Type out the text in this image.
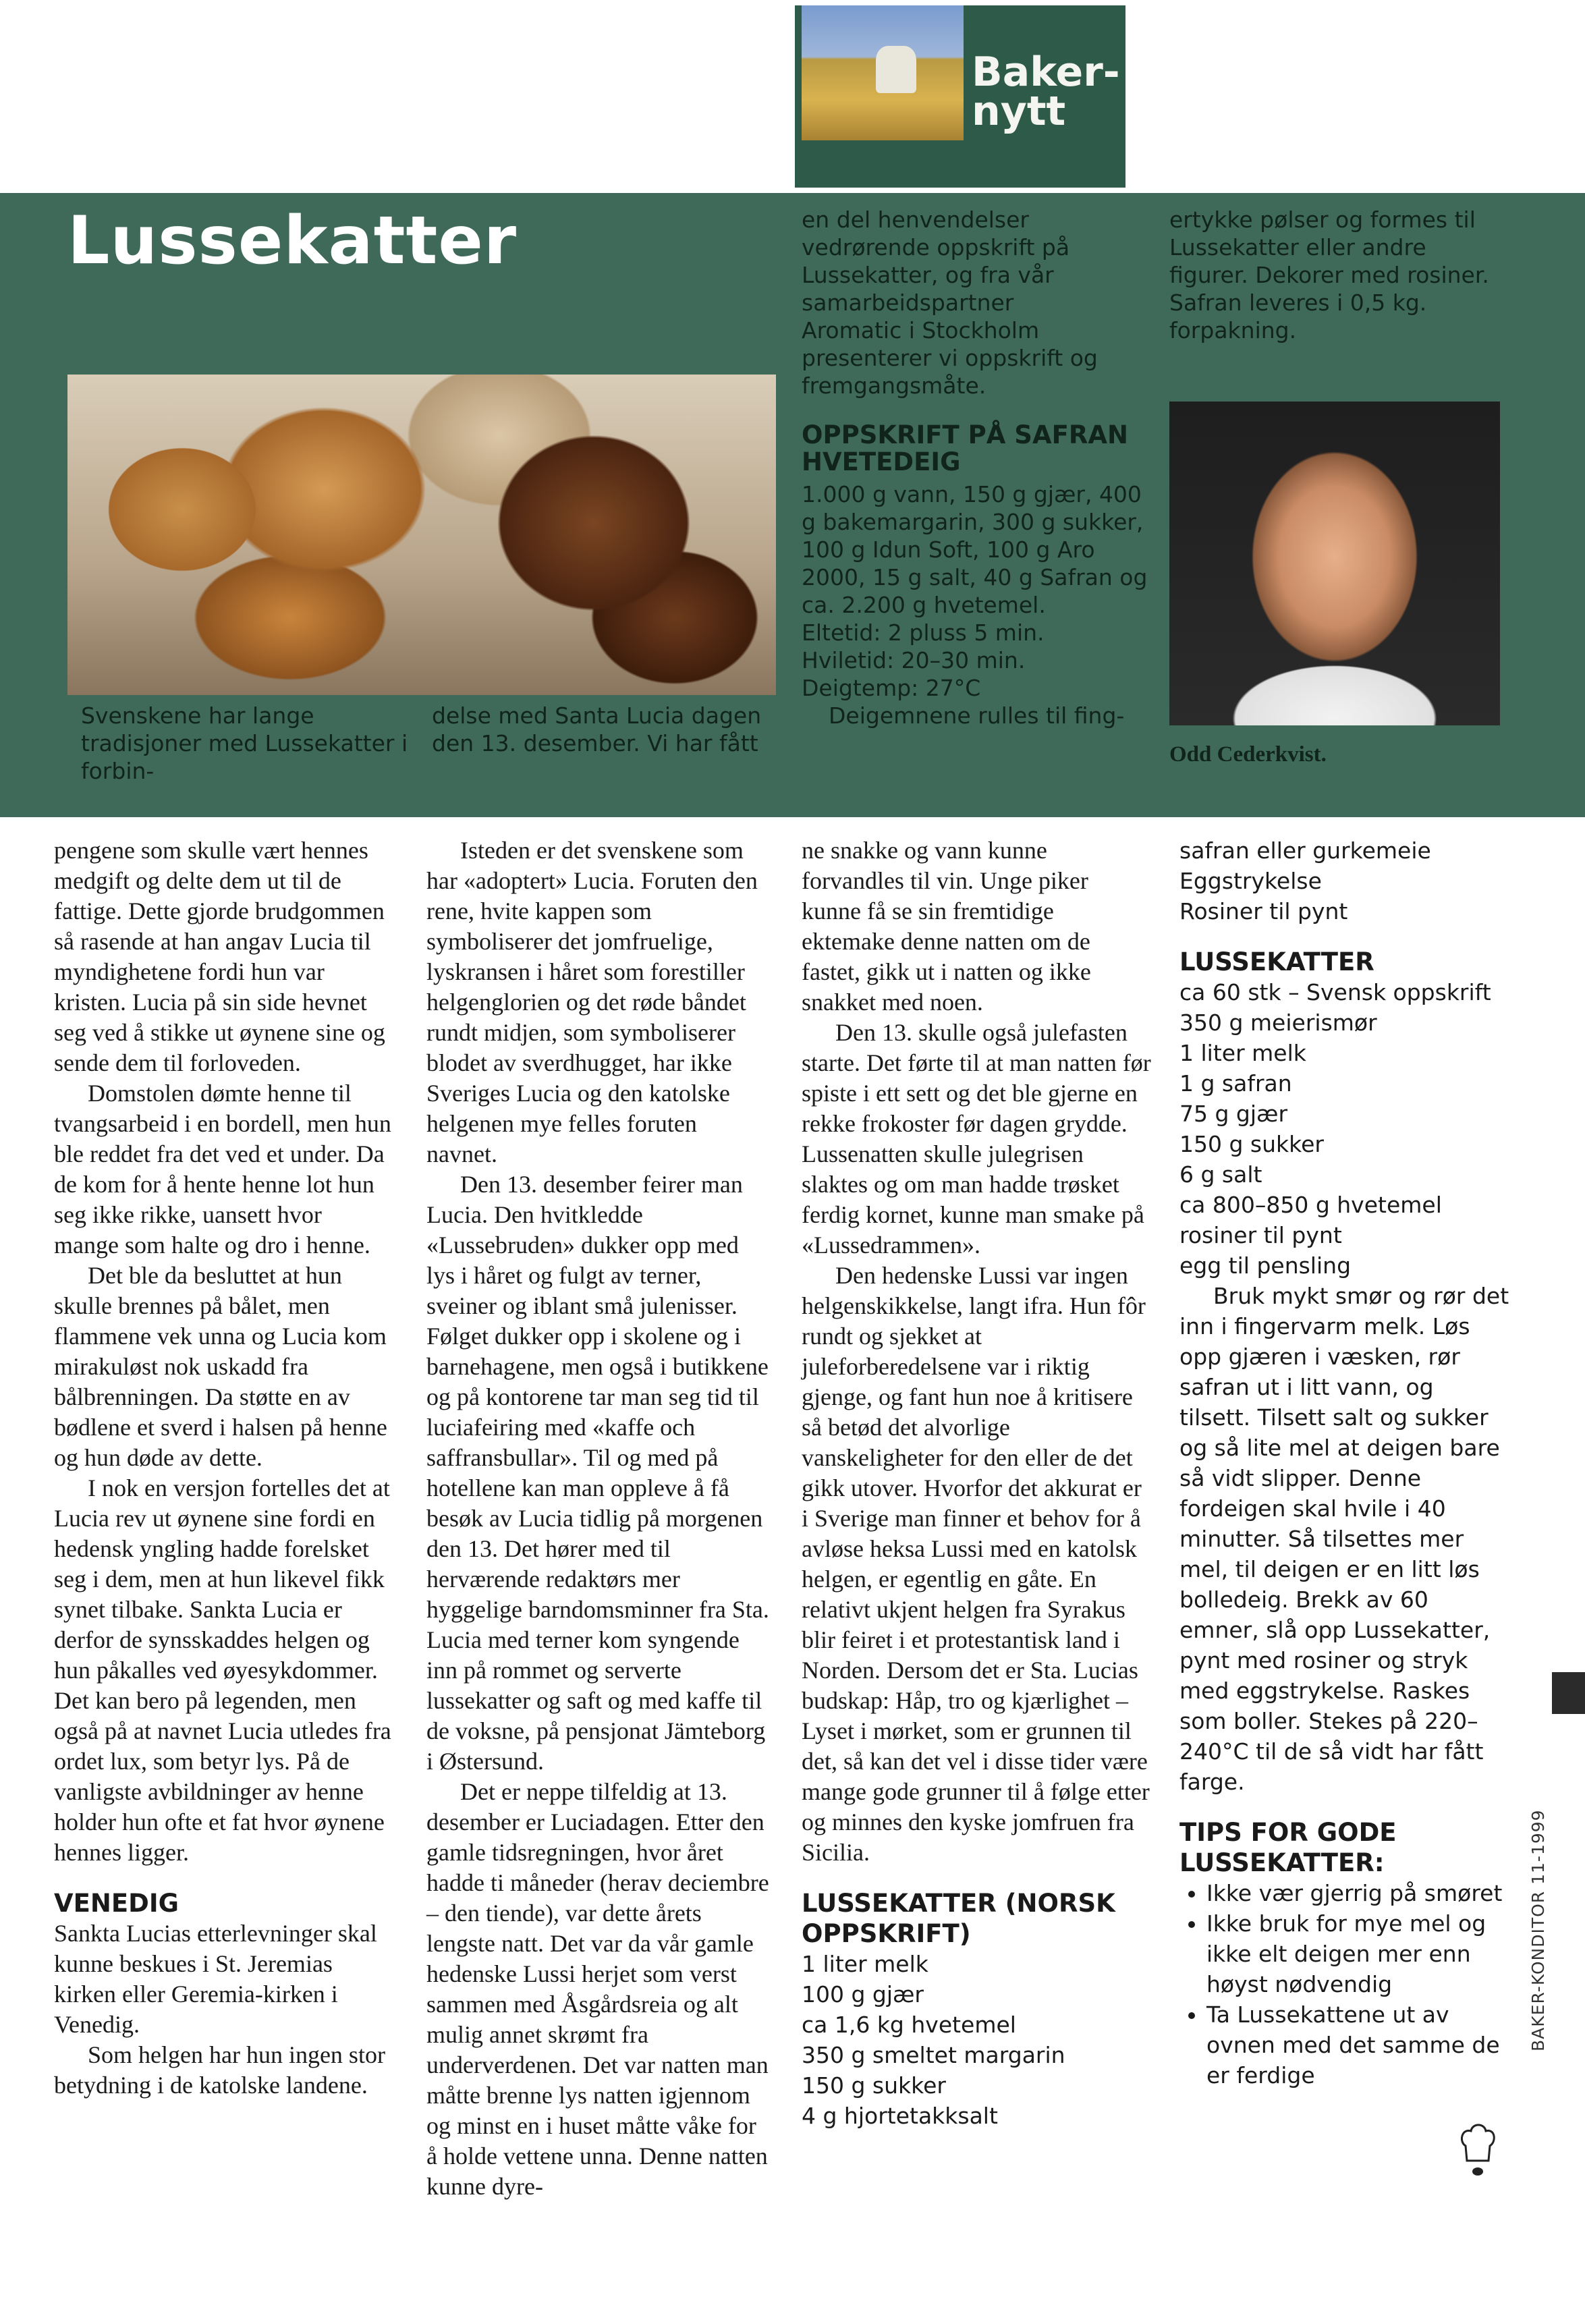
Baker-
nytt
Lussekatter

Svenskene har lange tradisjoner med Lussekatter i forbin-

delse med Santa Lucia dagen den 13. desember. Vi har fått

en del henvendelser vedrørende oppskrift på Lussekatter, og fra vår samarbeidspartner Aromatic i Stockholm presenterer vi oppskrift og fremgangsmåte.

OPPSKRIFT PÅ SAFRAN HVETEDEIG

1.000 g vann, 150 g gjær, 400 g bakemargarin, 300 g sukker, 100 g Idun Soft, 100 g Aro 2000, 15 g salt, 40 g Safran og ca. 2.200 g hvetemel.
Eltetid: 2 pluss 5 min.
Hviletid: 20–30 min.
Deigtemp: 27°C
Deigemnene rulles til fing-

ertykke pølser og formes til Lussekatter eller andre figurer. Dekorer med rosiner. Safran leveres i 0,5 kg. forpakning.

Odd Cederkvist.

pengene som skulle vært hennes medgift og delte dem ut til de fattige. Dette gjorde brudgommen så rasende at han angav Lucia til myndighetene fordi hun var kristen. Lucia på sin side hevnet seg ved å stikke ut øynene sine og sende dem til forloveden.

Domstolen dømte henne til tvangsarbeid i en bordell, men hun ble reddet fra det ved et under. Da de kom for å hente henne lot hun seg ikke rikke, uansett hvor mange som halte og dro i henne.

Det ble da besluttet at hun skulle brennes på bålet, men flammene vek unna og Lucia kom mirakuløst nok uskadd fra bålbrenningen. Da støtte en av bødlene et sverd i halsen på henne og hun døde av dette.

I nok en versjon fortelles det at Lucia rev ut øynene sine fordi en hedensk yngling hadde forelsket seg i dem, men at hun likevel fikk synet tilbake. Sankta Lucia er derfor de synsskaddes helgen og hun påkalles ved øyesykdommer. Det kan bero på legenden, men også på at navnet Lucia utledes fra ordet lux, som betyr lys. På de vanligste avbildninger av henne holder hun ofte et fat hvor øynene hennes ligger.

VENEDIG

Sankta Lucias etterlevninger skal kunne beskues i St. Jeremias kirken eller Geremia-kirken i Venedig.

Som helgen har hun ingen stor betydning i de katolske landene.

Isteden er det svenskene som har «adoptert» Lucia. Foruten den rene, hvite kappen som symboliserer det jomfruelige, lyskransen i håret som forestiller helgenglorien og det røde båndet rundt midjen, som symboliserer blodet av sverdhugget, har ikke Sveriges Lucia og den katolske helgenen mye felles foruten navnet.

Den 13. desember feirer man Lucia. Den hvitkledde «Lussebruden» dukker opp med lys i håret og fulgt av terner, sveiner og iblant små julenisser. Følget dukker opp i skolene og i barnehagene, men også i butikkene og på kontorene tar man seg tid til luciafeiring med «kaffe och saffransbullar». Til og med på hotellene kan man oppleve å få besøk av Lucia tidlig på morgenen den 13. Det hører med til herværende redaktørs mer hyggelige barndomsminner fra Sta. Lucia med terner kom syngende inn på rommet og serverte lussekatter og saft og med kaffe til de voksne, på pensjonat Jämteborg i Østersund.

Det er neppe tilfeldig at 13. desember er Luciadagen. Etter den gamle tidsregningen, hvor året hadde ti måneder (herav deciembre – den tiende), var dette årets lengste natt. Det var da vår gamle hedenske Lussi herjet som verst sammen med Åsgårdsreia og alt mulig annet skrømt fra underverdenen. Det var natten man måtte brenne lys natten igjennom og minst en i huset måtte våke for å holde vettene unna. Denne natten kunne dyre-

ne snakke og vann kunne forvandles til vin. Unge piker kunne få se sin fremtidige ektemake denne natten om de fastet, gikk ut i natten og ikke snakket med noen.

Den 13. skulle også julefasten starte. Det førte til at man natten før spiste i ett sett og det ble gjerne en rekke frokoster før dagen grydde. Lussenatten skulle julegrisen slaktes og om man hadde trøsket ferdig kornet, kunne man smake på «Lussedrammen».

Den hedenske Lussi var ingen helgenskikkelse, langt ifra. Hun fôr rundt og sjekket at juleforberedelsene var i riktig gjenge, og fant hun noe å kritisere så betød det alvorlige vanskeligheter for den eller de det gikk utover. Hvorfor det akkurat er i Sverige man finner et behov for å avløse heksa Lussi med en katolsk helgen, er egentlig en gåte. En relativt ukjent helgen fra Syrakus blir feiret i et protestantisk land i Norden. Dersom det er Sta. Lucias budskap: Håp, tro og kjærlighet – Lyset i mørket, som er grunnen til det, så kan det vel i disse tider være mange gode grunner til å følge etter og minnes den kyske jomfruen fra Sicilia.

LUSSEKATTER (NORSK OPPSKRIFT)
1 liter melk
100 g gjær
ca 1,6 kg hvetemel
350 g smeltet margarin
150 g sukker
4 g hjortetakksalt
safran eller gurkemeie
Eggstrykelse
Rosiner til pynt
LUSSEKATTER
ca 60 stk – Svensk oppskrift
350 g meierismør
1 liter melk
1 g safran
75 g gjær
150 g sukker
6 g salt
ca 800–850 g hvetemel
rosiner til pynt
egg til pensling

Bruk mykt smør og rør det inn i fingervarm melk. Løs opp gjæren i væsken, rør safran ut i litt vann, og tilsett. Tilsett salt og sukker og så lite mel at deigen bare så vidt slipper. Denne fordeigen skal hvile i 40 minutter. Så tilsettes mer mel, til deigen er en litt løs bolledeig. Brekk av 60 emner, slå opp Lussekatter, pynt med rosiner og stryk med eggstrykelse. Raskes som boller. Stekes på 220–240°C til de så vidt har fått farge.

TIPS FOR GODE LUSSEKATTER:
• Ikke vær gjerrig på smøret
• Ikke bruk for mye mel og ikke elt deigen mer enn høyst nødvendig
• Ta Lussekattene ut av ovnen med det samme de er ferdige
BAKER-KONDITOR 11-1999
